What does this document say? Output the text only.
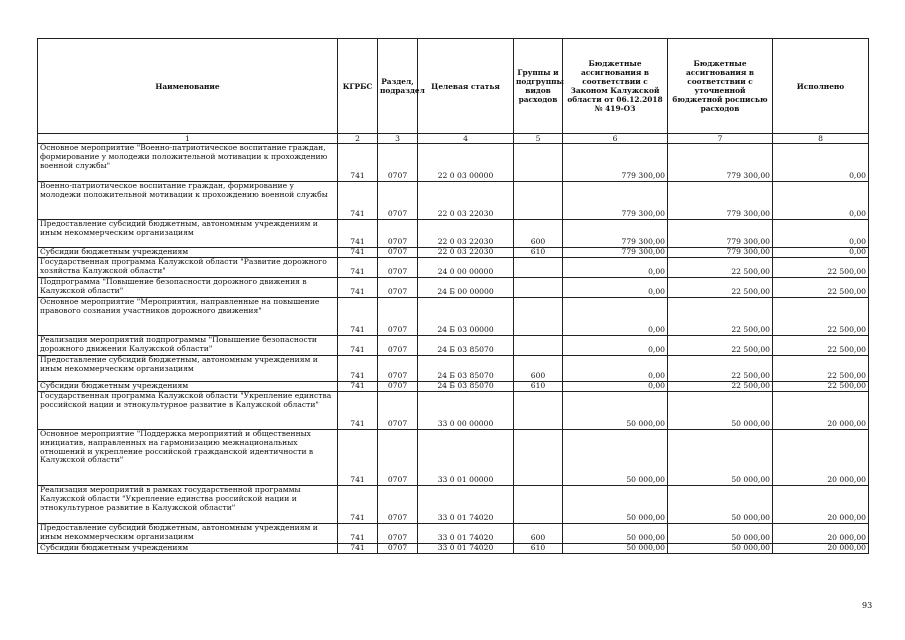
Наименование	КГРБС	Раздел, подраздел	Целевая статья	Группы и подгруппы видов расходов	Бюджетные ассигнования в соответствии с Законом Калужской области от 06.12.2018 № 419-ОЗ	Бюджетные ассигнования в соответствии с уточненной бюджетной росписью расходов	Исполнено
1	2	3	4	5	6	7	8
Основное мероприятие "Военно-патриотическое воспитание граждан, формирование у молодежи положительной мотивации к прохождению военной службы"	741	0707	22 0 03 00000		779 300,00	779 300,00	0,00
Военно-патриотическое воспитание граждан, формирование у молодежи положительной мотивации к прохождению военной службы	741	0707	22 0 03 22030		779 300,00	779 300,00	0,00
Предоставление субсидий бюджетным, автономным учреждениям и иным некоммерческим организациям	741	0707	22 0 03 22030	600	779 300,00	779 300,00	0,00
Субсидии бюджетным учреждениям	741	0707	22 0 03 22030	610	779 300,00	779 300,00	0,00
Государственная программа Калужской области "Развитие дорожного хозяйства Калужской области"	741	0707	24 0 00 00000		0,00	22 500,00	22 500,00
Подпрограмма "Повышение безопасности дорожного движения в Калужской области"	741	0707	24 Б 00 00000		0,00	22 500,00	22 500,00
Основное мероприятие "Мероприятия, направленные на повышение правового сознания участников дорожного движения"	741	0707	24 Б 03 00000		0,00	22 500,00	22 500,00
Реализация мероприятий подпрограммы "Повышение безопасности дорожного движения Калужской области"	741	0707	24 Б 03 85070		0,00	22 500,00	22 500,00
Предоставление субсидий бюджетным, автономным учреждениям и иным некоммерческим организациям	741	0707	24 Б 03 85070	600	0,00	22 500,00	22 500,00
Субсидии бюджетным учреждениям	741	0707	24 Б 03 85070	610	0,00	22 500,00	22 500,00
Государственная программа Калужской области "Укрепление единства российской нации и этнокультурное развитие в Калужской области"	741	0707	33 0 00 00000		50 000,00	50 000,00	20 000,00
Основное мероприятие "Поддержка мероприятий и общественных инициатив, направленных на гармонизацию межнациональных отношений и укрепление российской гражданской идентичности в Калужской области"	741	0707	33 0 01 00000		50 000,00	50 000,00	20 000,00
Реализация мероприятий в рамках государственной программы Калужской области "Укрепление единства российской нации и этнокультурное развитие в Калужской области"	741	0707	33 0 01 74020		50 000,00	50 000,00	20 000,00
Предоставление субсидий бюджетным, автономным учреждениям и иным некоммерческим организациям	741	0707	33 0 01 74020	600	50 000,00	50 000,00	20 000,00
Субсидии бюджетным учреждениям	741	0707	33 0 01 74020	610	50 000,00	50 000,00	20 000,00
93
